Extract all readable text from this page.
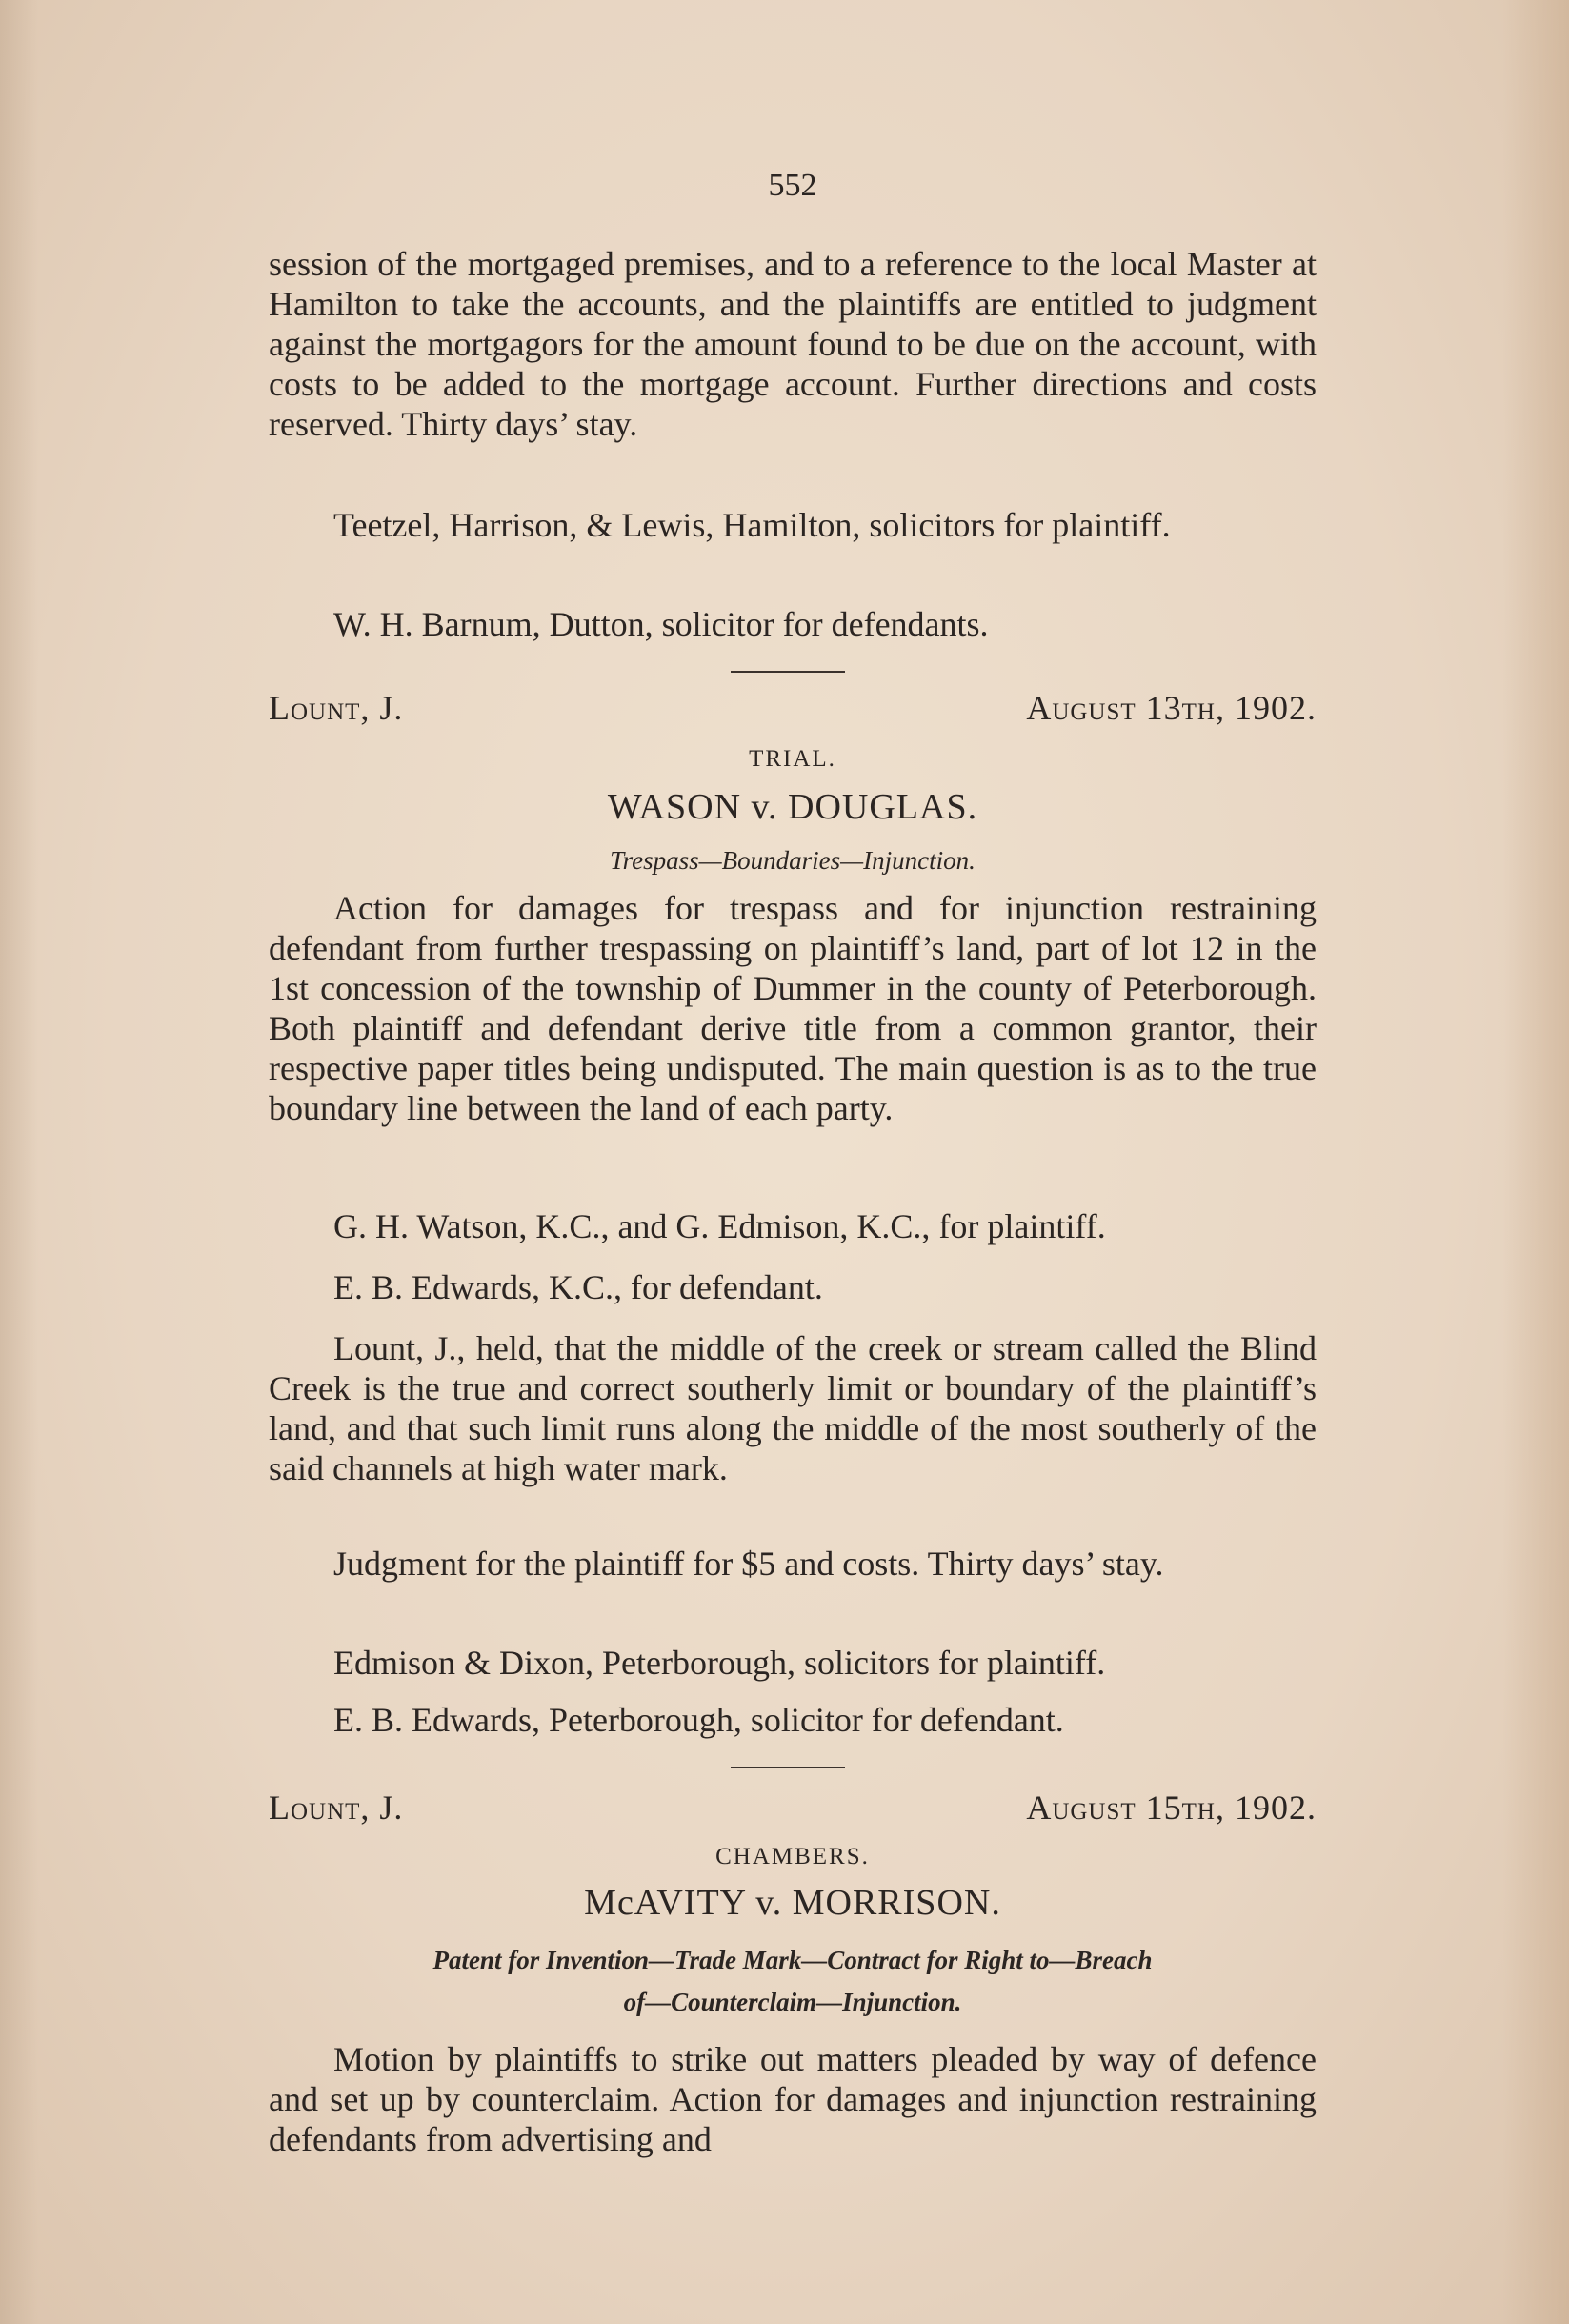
552

session of the mortgaged premises, and to a reference to the local Master at Hamilton to take the accounts, and the plaintiffs are entitled to judgment against the mortgagors for the amount found to be due on the account, with costs to be added to the mortgage account. Further directions and costs reserved. Thirty days’ stay.

Teetzel, Harrison, & Lewis, Hamilton, solicitors for plaintiff.

W. H. Barnum, Dutton, solicitor for defendants.

Lount, J.	August 13th, 1902.
TRIAL.
WASON v. DOUGLAS.
Trespass—Boundaries—Injunction.

Action for damages for trespass and for injunction restraining defendant from further trespassing on plaintiff’s land, part of lot 12 in the 1st concession of the township of Dummer in the county of Peterborough. Both plaintiff and defendant derive title from a common grantor, their respective paper titles being undisputed. The main question is as to the true boundary line between the land of each party.

G. H. Watson, K.C., and G. Edmison, K.C., for plaintiff.

E. B. Edwards, K.C., for defendant.

Lount, J., held, that the middle of the creek or stream called the Blind Creek is the true and correct southerly limit or boundary of the plaintiff’s land, and that such limit runs along the middle of the most southerly of the said channels at high water mark.

Judgment for the plaintiff for $5 and costs. Thirty days’ stay.

Edmison & Dixon, Peterborough, solicitors for plaintiff.

E. B. Edwards, Peterborough, solicitor for defendant.

Lount, J.	August 15th, 1902.
CHAMBERS.
McAVITY v. MORRISON.
Patent for Invention—Trade Mark—Contract for Right to—Breach
of—Counterclaim—Injunction.

Motion by plaintiffs to strike out matters pleaded by way of defence and set up by counterclaim. Action for damages and injunction restraining defendants from advertising and
